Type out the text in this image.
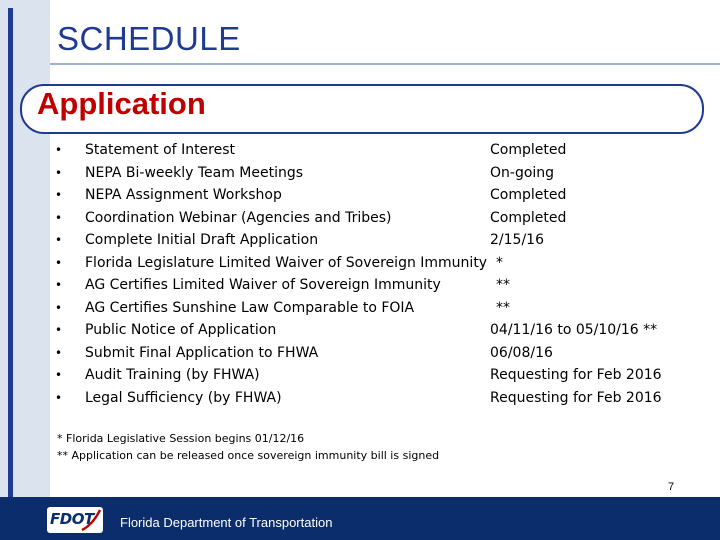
SCHEDULE
Application
•	Statement of Interest	Completed
•	NEPA Bi-weekly Team Meetings	On-going
•	NEPA Assignment Workshop	Completed
•	Coordination Webinar (Agencies and Tribes)	Completed
•	Complete Initial Draft Application	2/15/16
•	Florida Legislature Limited Waiver of Sovereign Immunity *
•	AG Certifies Limited Waiver of Sovereign Immunity	**
•	AG Certifies Sunshine Law Comparable to FOIA	**
•	Public Notice of Application	04/11/16 to 05/10/16 **
•	Submit Final Application to FHWA	06/08/16
•	Audit Training (by FHWA)	Requesting for Feb 2016
•	Legal Sufficiency (by FHWA)	Requesting for Feb 2016
* Florida Legislative Session begins 01/12/16
** Application can be released once sovereign immunity bill is signed
7
FDOT Florida Department of Transportation
